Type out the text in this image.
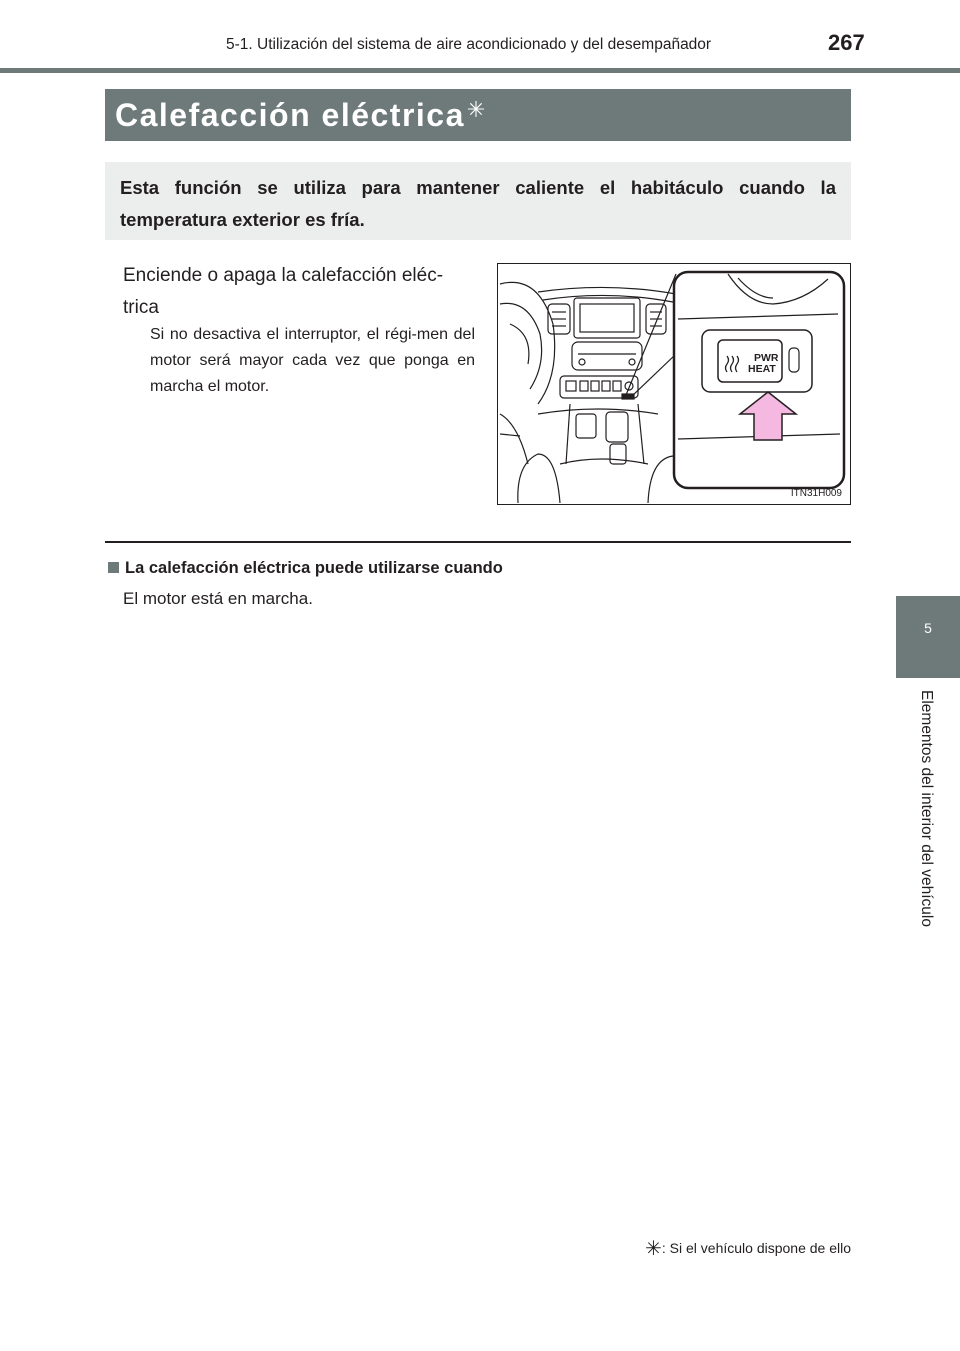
5-1. Utilización del sistema de aire acondicionado y del desempañador	267
Calefacción eléctrica✳
Esta función se utiliza para mantener caliente el habitáculo cuando la temperatura exterior es fría.
Enciende o apaga la calefacción eléc-trica
Si no desactiva el interruptor, el régi-men del motor será mayor cada vez que ponga en marcha el motor.
PWR
HEAT
ITN31H009
La calefacción eléctrica puede utilizarse cuando
El motor está en marcha.
5
Elementos del interior del vehículo
✳: Si el vehículo dispone de ello
